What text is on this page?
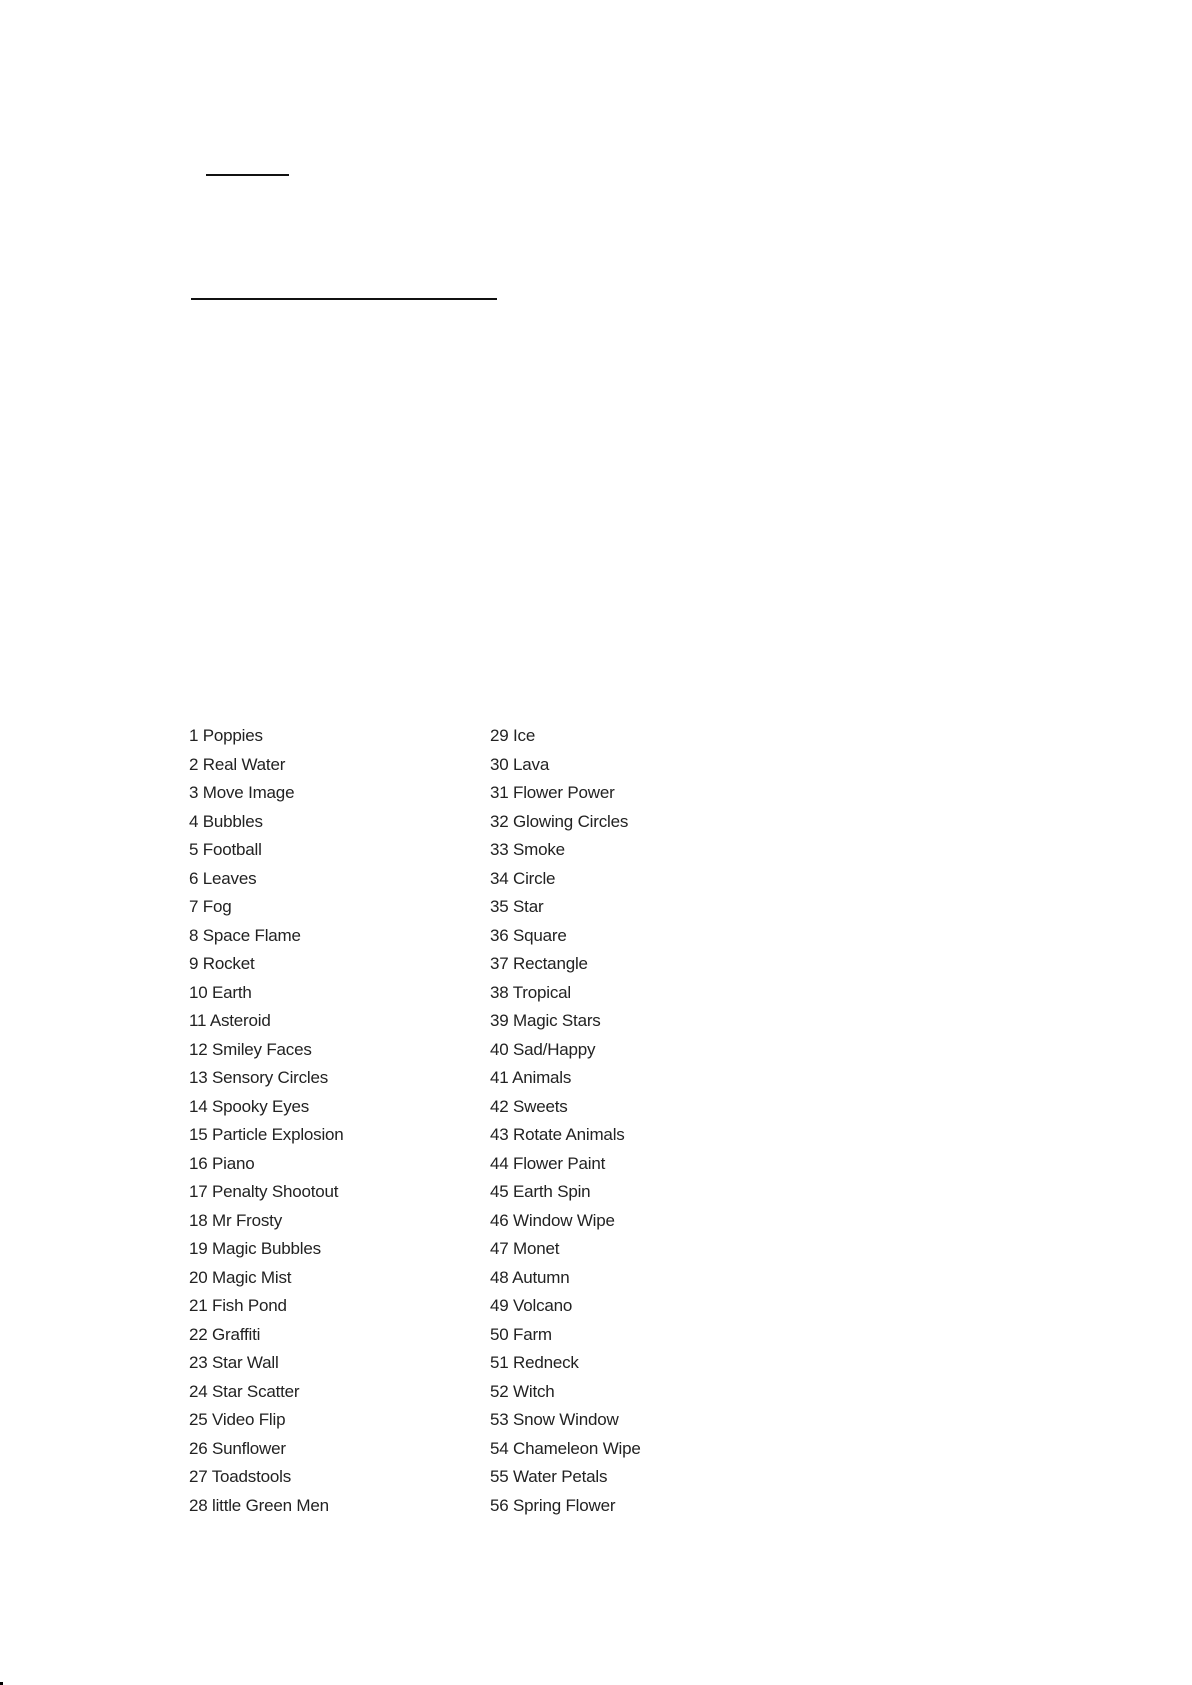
1 Poppies
2 Real Water
3 Move Image
4 Bubbles
5 Football
6 Leaves
7 Fog
8 Space Flame
9 Rocket
10 Earth
11 Asteroid
12 Smiley Faces
13 Sensory Circles
14 Spooky Eyes
15 Particle Explosion
16 Piano
17 Penalty Shootout
18 Mr Frosty
19 Magic Bubbles
20 Magic Mist
21 Fish Pond
22 Graffiti
23 Star Wall
24 Star Scatter
25 Video Flip
26 Sunflower
27 Toadstools
28 little Green Men
29 Ice
30 Lava
31 Flower Power
32 Glowing Circles
33 Smoke
34 Circle
35 Star
36 Square
37 Rectangle
38 Tropical
39 Magic Stars
40 Sad/Happy
41 Animals
42 Sweets
43 Rotate Animals
44 Flower Paint
45 Earth Spin
46 Window Wipe
47 Monet
48 Autumn
49 Volcano
50 Farm
51 Redneck
52 Witch
53 Snow Window
54 Chameleon Wipe
55 Water Petals
56 Spring Flower
